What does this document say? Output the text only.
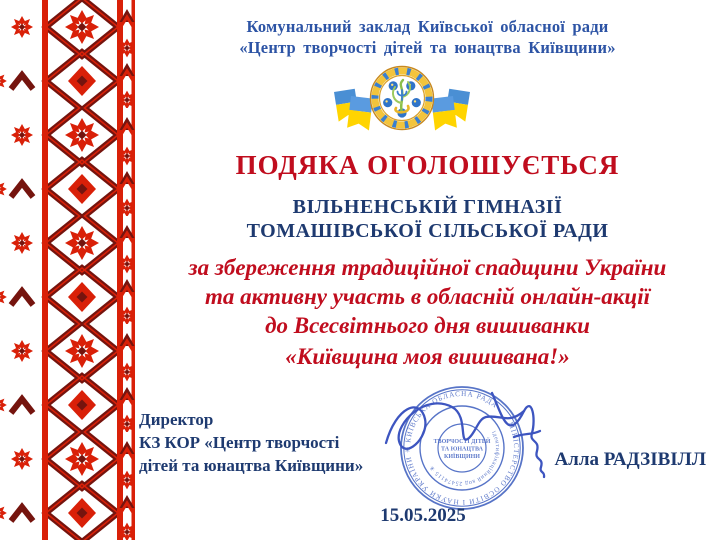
Комунальний заклад Київської обласної ради
«Центр творчості дітей та юнацтва Київщини»
ПОДЯКА ОГОЛОШУЄТЬСЯ
ВІЛЬНЕНСЬКІЙ ГІМНАЗІЇ
ТОМАШІВСЬКОЇ СІЛЬСЬКОЇ РАДИ
за збереження традиційної спадщини України
та активну участь в обласній онлайн-акції
до Всесвітнього дня вишиванки
«Київщина моя вишивана!»
Директор
КЗ КОР «Центр творчості
дітей та юнацтва Київщини»
МІНІСТЕРСТВО ОСВІТИ І НАУКИ УКРАЇНИ ✳ КИЇВСЬКА ОБЛАСНА РАДА
ідентифікаційний код 25474115 ✳
ТВОРЧОСТІ ДІТЕЙ
ТА ЮНАЦТВА
КИЇВЩИНИ	Алла РАДЗІВІЛЛ
15.05.2025
